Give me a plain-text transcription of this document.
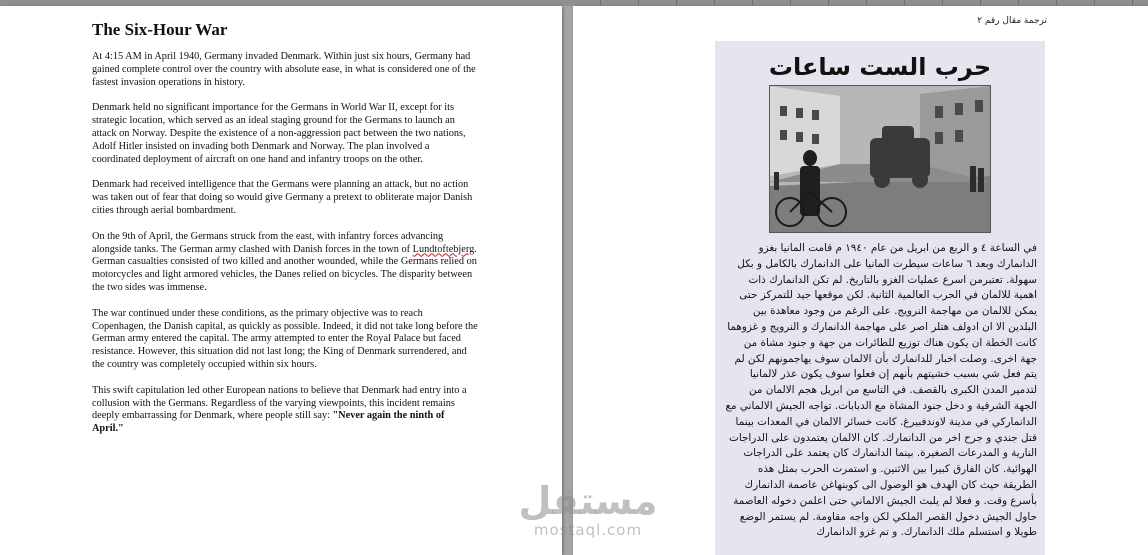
The Six-Hour War

At 4:15 AM in April 1940, Germany invaded Denmark. Within just six hours, Germany had gained complete control over the country with absolute ease, in what is considered one of the fastest invasion operations in history.

Denmark held no significant importance for the Germans in World War II, except for its strategic location, which served as an ideal staging ground for the Germans to launch an attack on Norway. Despite the existence of a non-aggression pact between the two nations, Adolf Hitler insisted on invading both Denmark and Norway. The plan involved a coordinated deployment of aircraft on one hand and infantry troops on the other.

Denmark had received intelligence that the Germans were planning an attack, but no action was taken out of fear that doing so would give Germany a pretext to obliterate major Danish cities through aerial bombardment.

On the 9th of April, the Germans struck from the east, with infantry forces advancing alongside tanks. The German army clashed with Danish forces in the town of Lundtoftebjerg. German casualties consisted of two killed and another wounded, while the Germans relied on motorcycles and light armored vehicles, the Danes relied on bicycles. The disparity between the two sides was immense.

The war continued under these conditions, as the primary objective was to reach Copenhagen, the Danish capital, as quickly as possible. Indeed, it did not take long before the German army entered the capital. The army attempted to enter the Royal Palace but faced resistance. However, this situation did not last long; the King of Denmark surrendered, and the country was completely occupied within six hours.

This swift capitulation led other European nations to believe that Denmark had entry into a collusion with the Germans. Regardless of the varying viewpoints, this incident remains deeply embarrassing for Denmark, where people still say: "Never again the ninth of April."

ترجمة مقال رقم ٢
حرب الست ساعات

في الساعة ٤ و الربع من ابريل من عام ١٩٤٠ م قامت المانيا بغزو الدانمارك وبعد ٦ ساعات سيطرت المانيا على الدانمارك بالكامل و بكل سهولة. تعتبرمن اسرع عمليات الغزو بالتاريخ. لم تكن الدانمارك ذات اهمية للالمان في الحرب العالمية الثانية. لكن موقعها جيد للتمركز حتى يمكن للالمان من مهاجمة النرويج. على الرغم من وجود معاهدة بين البلدين الا ان ادولف هتلر اصر على مهاجمة الدانمارك و النرويج و غزوهما كانت الخطة ان يكون هناك توزيع للطائرات من جهة و جنود مشاة من جهة اخرى. وصلت اخبار للدانمارك بأن الالمان سوف يهاجمونهم لكن لم يتم فعل شي بسبب خشيتهم بأنهم إن فعلوا سوف يكون عذر لالمانيا لتدمير المدن الكبرى بالقصف. في التاسع من ابريل هجم الالمان من الجهة الشرقية و دخل جنود المشاة مع الدبابات. تواجه الجيش الالماني مع الدانماركي في مدينة لاوندفبيرغ. كانت خسائر الالمان في المعدات بينما قتل جندي و جرح اخر من الدانمارك. كان الالمان يعتمدون على الدراجات النارية و المدرعات الصغيرة. بينما الدانمارك كان يعتمد على الدراجات الهوائية. كان الفارق كبيرا بين الاثنين. و استمرت الحرب بمثل هذه الطريقة حيث كان الهدف هو الوصول الى كوبنهاغن عاصمة الدانمارك بأسرع وقت. و فعلا لم يلبث الجيش الالماني حتى اعلمن دخوله العاصمة حاول الجيش دخول القصر الملكي لكن واجه مقاومة. لم يستمر الوضع طويلا و استسلم ملك الدانمارك. و تم غزو الدانمارك

مستقل
mostaql.com
